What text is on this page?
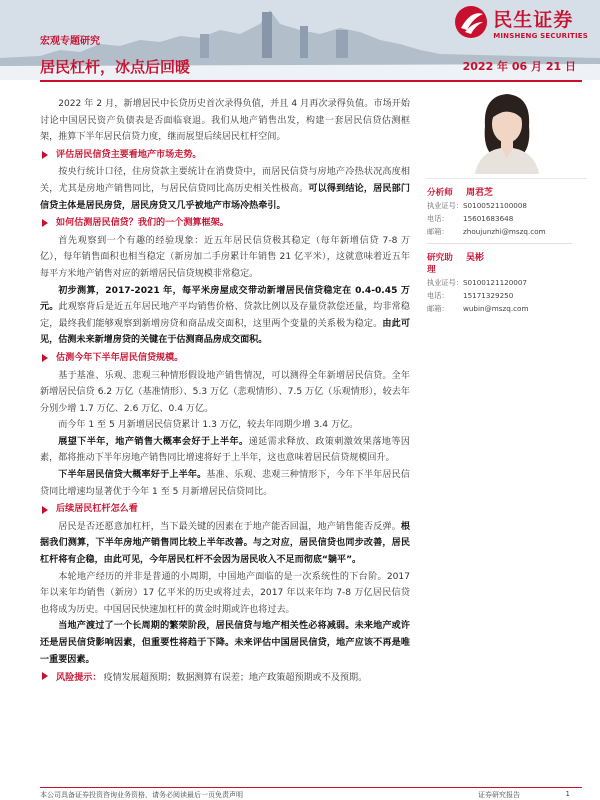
民生证券
MINSHENG SECURITIES
宏观专题研究
居民杠杆，冰点后回暖	2022 年 06 月 21 日

2022 年 2 月，新增居民中长贷历史首次录得负值，并且 4 月再次录得负值。市场开始讨论中国居民资产负债表是否面临衰退。我们从地产销售出发，构建一套居民信贷估测框架，推算下半年居民信贷力度，继而展望后续居民杠杆空间。

评估居民信贷主要看地产市场走势。

按央行统计口径，住房贷款主要统计在消费贷中，而居民信贷与房地产冷热状况高度相关，尤其是房地产销售同比，与居民信贷同比高历史相关性极高。可以得到结论，居民部门信贷主体是居民房贷，居民房贷又几乎被地产市场冷热牵引。

如何估测居民信贷？我们的一个测算框架。

首先观察到一个有趣的经验现象：近五年居民信贷极其稳定（每年新增信贷 7-8 万亿），每年销售面积也相当稳定（新房加二手房累计年销售 21 亿平米），这就意味着近五年每平方米地产销售对应的新增居民信贷规模非常稳定。

初步测算，2017-2021 年，每平米房屋成交带动新增居民信贷稳定在 0.4-0.45 万元。此观察背后是近五年居民地产平均销售价格、贷款比例以及存量贷款偿还量，均非常稳定，最终我们能够观察到新增房贷和商品成交面积，这里两个变量的关系极为稳定。由此可见，估测未来新增房贷的关键在于估测商品房成交面积。

估测今年下半年居民信贷规模。

基于基准、乐观、悲观三种情形假设地产销售情况，可以测得全年新增居民信贷。全年新增居民信贷 6.2 万亿（基准情形）、5.3 万亿（悲观情形）、7.5 万亿（乐观情形），较去年分别少增 1.7 万亿、2.6 万亿、0.4 万亿。

而今年 1 至 5 月新增居民信贷累计 1.3 万亿，较去年同期少增 3.4 万亿。

展望下半年，地产销售大概率会好于上半年。递延需求释放、政策刺激效果落地等因素，都将推动下半年房地产销售同比增速将好于上半年，这也意味着居民信贷规模回升。

下半年居民信贷大概率好于上半年。基准、乐观、悲观三种情形下，今年下半年居民信贷同比增速均显著优于今年 1 至 5 月新增居民信贷同比。

后续居民杠杆怎么看

居民是否还愿意加杠杆，当下最关键的因素在于地产能否回温，地产销售能否反弹。根据我们测算，下半年房地产销售同比较上半年改善。与之对应，居民信贷也同步改善，居民杠杆将有企稳，由此可见，今年居民杠杆不会因为居民收入不足而彻底“躺平”。

本轮地产经历的并非是普通的小周期，中国地产面临的是一次系统性的下台阶。2017 年以来年均销售（新房）17 亿平米的历史或将过去，2017 年以来年均 7-8 万亿居民信贷也将成为历史。中国居民快速加杠杆的黄金时期或许也将过去。

当地产渡过了一个长周期的繁荣阶段，居民信贷与地产相关性必将减弱。未来地产或许还是居民信贷影响因素，但重要性将趋于下降。未来评估中国居民信贷，地产应该不再是唯一重要因素。

风险提示： 疫情发展超预期；数据测算有误差；地产政策超预期或不及预期。
分析师	周君芝
执业证号： S0100521100008
电话：	15601683648
邮箱：	zhoujunzhi@mszq.com
研究助理
吴彬
执业证号： S0100121120007
电话：	15171329250
邮箱：	wubin@mszq.com
本公司具备证券投资咨询业务资格，请务必阅读最后一页免责声明	证券研究报告	1
